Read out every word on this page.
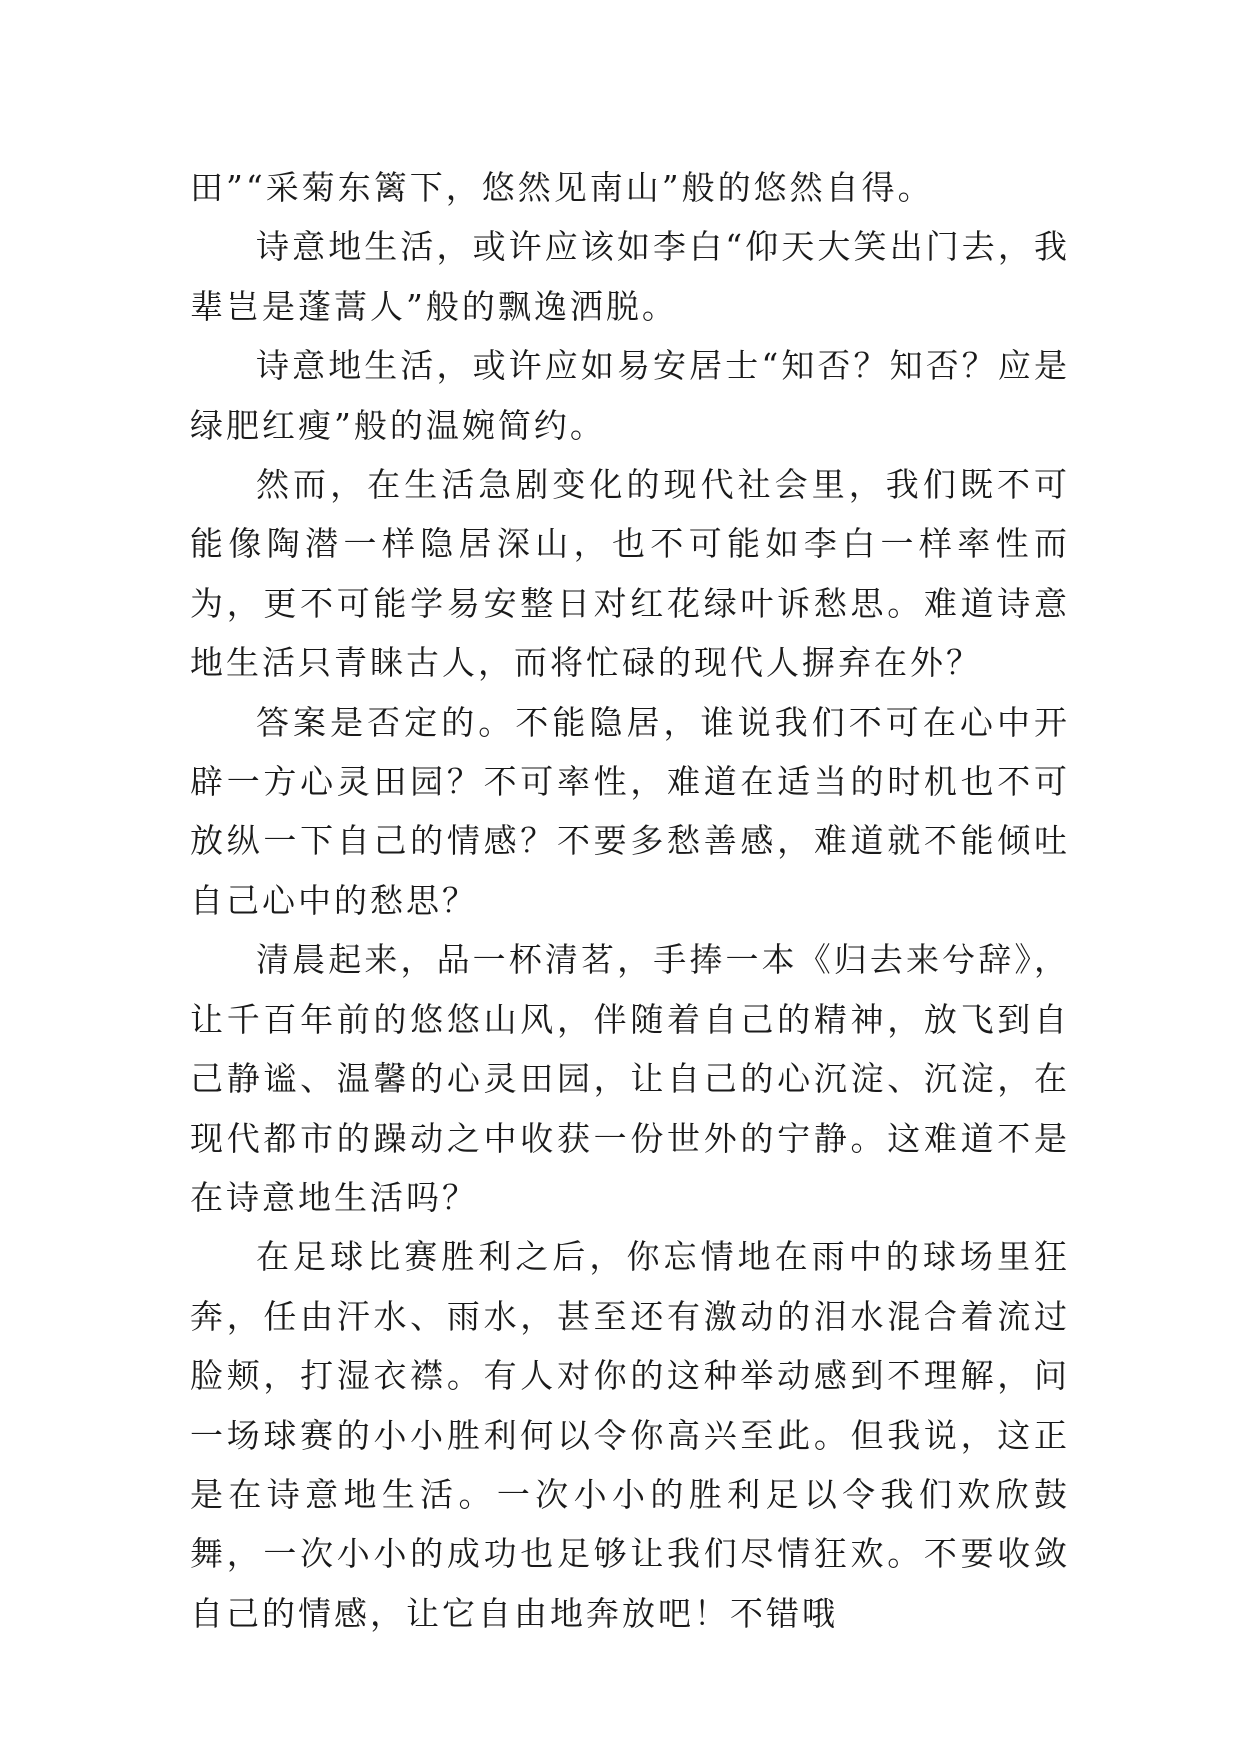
田”“采菊东篱下，悠然见南山”般的悠然自得。

诗意地生活，或许应该如李白“仰天大笑出门去，我辈岂是蓬蒿人”般的飘逸洒脱。

诗意地生活，或许应如易安居士“知否？知否？应是绿肥红瘦”般的温婉简约。

然而，在生活急剧变化的现代社会里，我们既不可能像陶潜一样隐居深山，也不可能如李白一样率性而为，更不可能学易安整日对红花绿叶诉愁思。难道诗意地生活只青睐古人，而将忙碌的现代人摒弃在外？

答案是否定的。不能隐居，谁说我们不可在心中开辟一方心灵田园？不可率性，难道在适当的时机也不可放纵一下自己的情感？不要多愁善感，难道就不能倾吐自己心中的愁思？

清晨起来，品一杯清茗，手捧一本《归去来兮辞》，让千百年前的悠悠山风，伴随着自己的精神，放飞到自己静谧、温馨的心灵田园，让自己的心沉淀、沉淀，在现代都市的躁动之中收获一份世外的宁静。这难道不是在诗意地生活吗？

在足球比赛胜利之后，你忘情地在雨中的球场里狂奔，任由汗水、雨水，甚至还有激动的泪水混合着流过脸颊，打湿衣襟。有人对你的这种举动感到不理解，问一场球赛的小小胜利何以令你高兴至此。但我说，这正是在诗意地生活。一次小小的胜利足以令我们欢欣鼓舞，一次小小的成功也足够让我们尽情狂欢。不要收敛自己的情感，让它自由地奔放吧！不错哦
